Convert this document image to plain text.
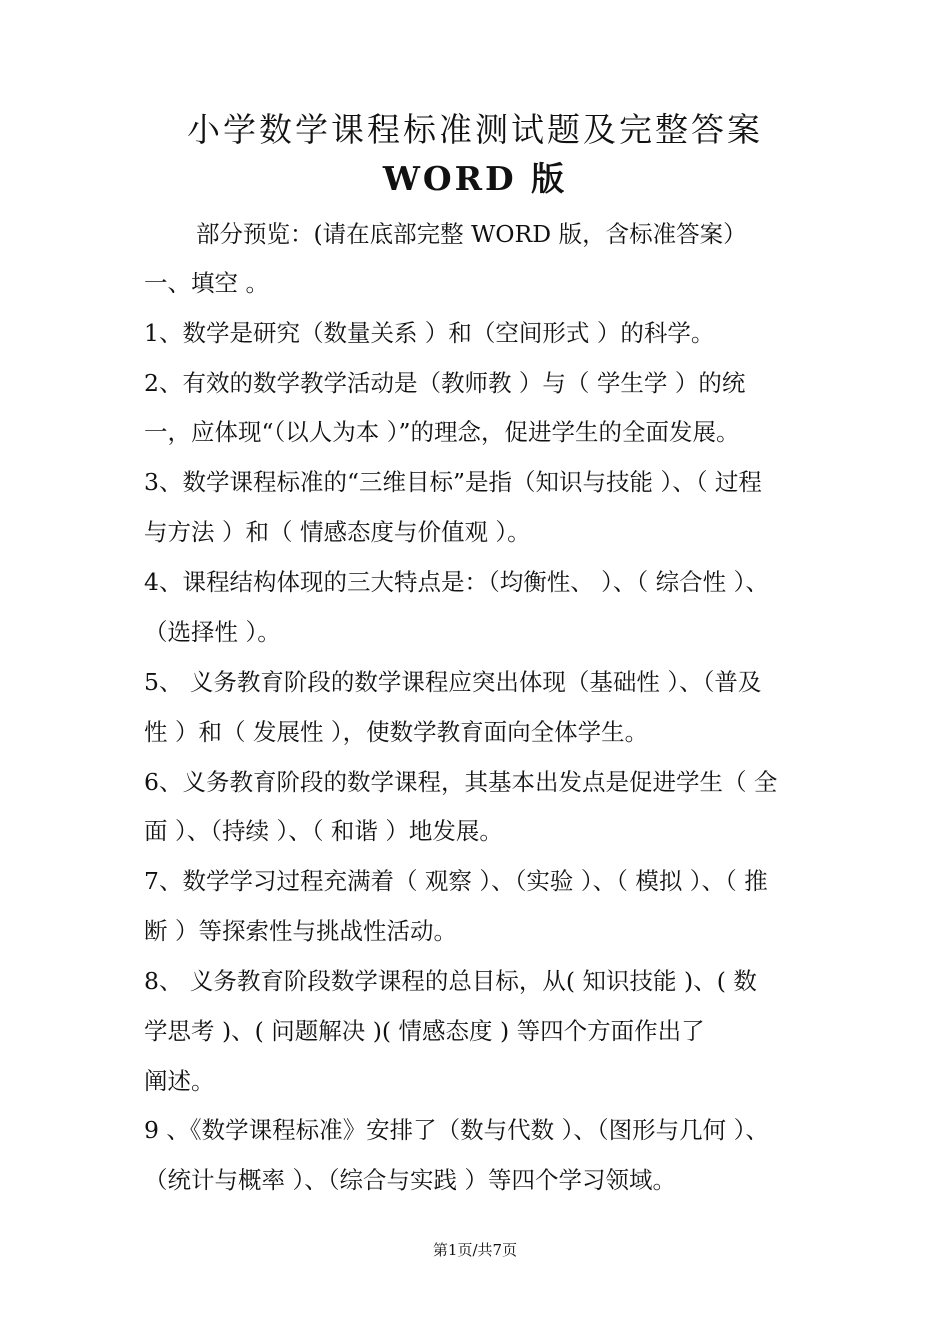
小学数学课程标准测试题及完整答案
WORD 版
部分预览：(请在底部完整 WORD 版，含标准答案）
一、填空 。
1、数学是研究（数量关系 ）和（空间形式 ）的科学。
2、有效的数学教学活动是（教师教 ）与（ 学生学 ）的统
一，应体现“（以人为本 ）”的理念，促进学生的全面发展。
3、数学课程标准的“三维目标”是指（知识与技能 ）、（ 过程
与方法 ）和（ 情感态度与价值观 ）。
4、课程结构体现的三大特点是：（均衡性、 ）、（ 综合性 ）、
（选择性 ）。
5、 义务教育阶段的数学课程应突出体现（基础性 ）、（普及
性 ）和（ 发展性 ），使数学教育面向全体学生。
6、义务教育阶段的数学课程，其基本出发点是促进学生（ 全
面 ）、（持续 ）、（ 和谐 ）地发展。
7、数学学习过程充满着（ 观察 ）、（实验 ）、（ 模拟 ）、（ 推
断 ）等探索性与挑战性活动。
8、 义务教育阶段数学课程的总目标，从( 知识技能 )、( 数
学思考 )、( 问题解决 )( 情感态度 ) 等四个方面作出了
阐述。
9 、《数学课程标准》安排了（数与代数 ）、（图形与几何 ）、
（统计与概率 ）、（综合与实践 ）等四个学习领域。
第1页/共7页
